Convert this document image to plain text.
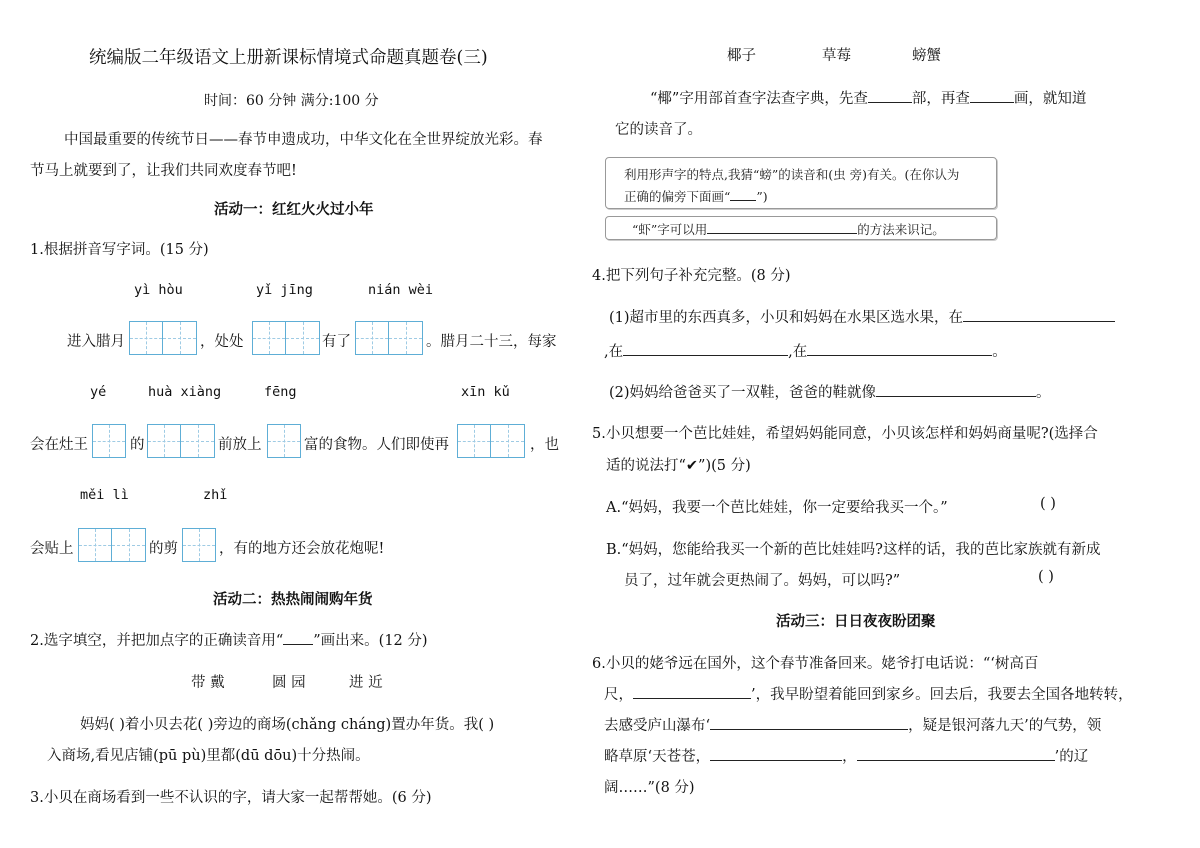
统编版二年级语文上册新课标情境式命题真题卷(三)
时间：60 分钟 满分:100 分
中国最重要的传统节日——春节申遗成功，中华文化在全世界绽放光彩。春
节马上就要到了，让我们共同欢度春节吧!
活动一：红红火火过小年
1.根据拼音写字词。(15 分)
yì hòu	yǐ jīng	nián wèi
进入腊月	，处处	有了	。腊月二十三，每家
yé	huà xiàng	fēng	xīn kǔ
会在灶王	的	前放上	富的食物。人们即使再	，也
měi lì	zhǐ
会贴上	的剪	，有的地方还会放花炮呢!
活动二：热热闹闹购年货
2.选字填空，并把加点字的正确读音用“ ”画出来。(12 分)
带 戴	圆 园	进 近
妈妈( )着小贝去花( )旁边的商场(chǎng cháng)置办年货。我( )
入商场,看见店铺(pū pù)里都(dū dōu)十分热闹。
3.小贝在商场看到一些不认识的字，请大家一起帮帮她。(6 分)
椰子	草莓	螃蟹
“椰”字用部首查字法查字典，先查	部，再查	画，就知道
它的读音了。
利用形声字的特点,我猜“螃”的读音和(虫 旁)有关。(在你认为
正确的偏旁下面画“ ”)
“虾”字可以用	的方法来识记。
4.把下列句子补充完整。(8 分)
(1)超市里的东西真多，小贝和妈妈在水果区选水果，在
,在	,在	。
(2)妈妈给爸爸买了一双鞋，爸爸的鞋就像	。
5.小贝想要一个芭比娃娃，希望妈妈能同意，小贝该怎样和妈妈商量呢?(选择合
适的说法打“✔”)(5 分)
A.“妈妈，我要一个芭比娃娃，你一定要给我买一个。”	( )
B.“妈妈，您能给我买一个新的芭比娃娃吗?这样的话，我的芭比家族就有新成
员了，过年就会更热闹了。妈妈，可以吗?”	( )
活动三：日日夜夜盼团聚
6.小贝的姥爷远在国外，这个春节准备回来。姥爷打电话说：“‘树高百
尺，	’，我早盼望着能回到家乡。回去后，我要去全国各地转转，
去感受庐山瀑布‘	，疑是银河落九天’的气势，领
略草原‘天苍苍，	，	’的辽
阔……”(8 分)
